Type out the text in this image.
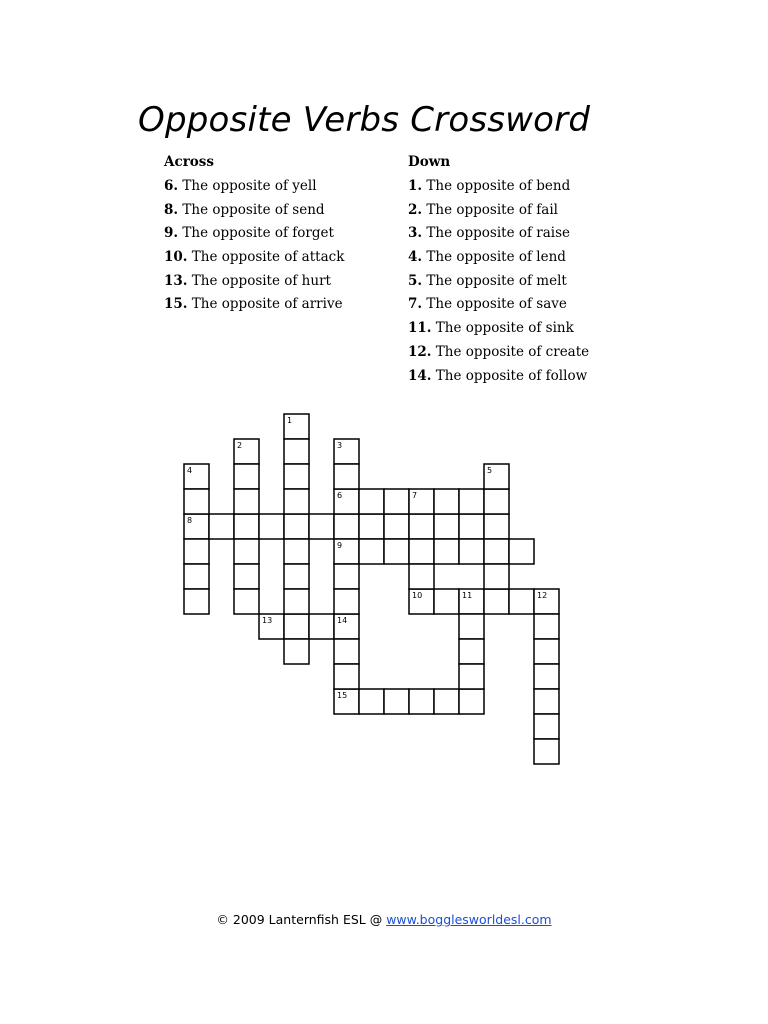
Opposite Verbs Crossword
Across
6. The opposite of yell
8. The opposite of send
9. The opposite of forget
10. The opposite of attack
13. The opposite of hurt
15. The opposite of arrive
Down
1. The opposite of bend
2. The opposite of fail
3. The opposite of raise
4. The opposite of lend
5. The opposite of melt
7. The opposite of save
11. The opposite of sink
12. The opposite of create
14. The opposite of follow
1
2	3
4	5
6	7
8
9
10	11	12
13	14
15
© 2009 Lanternfish ESL @ www.bogglesworldesl.com
